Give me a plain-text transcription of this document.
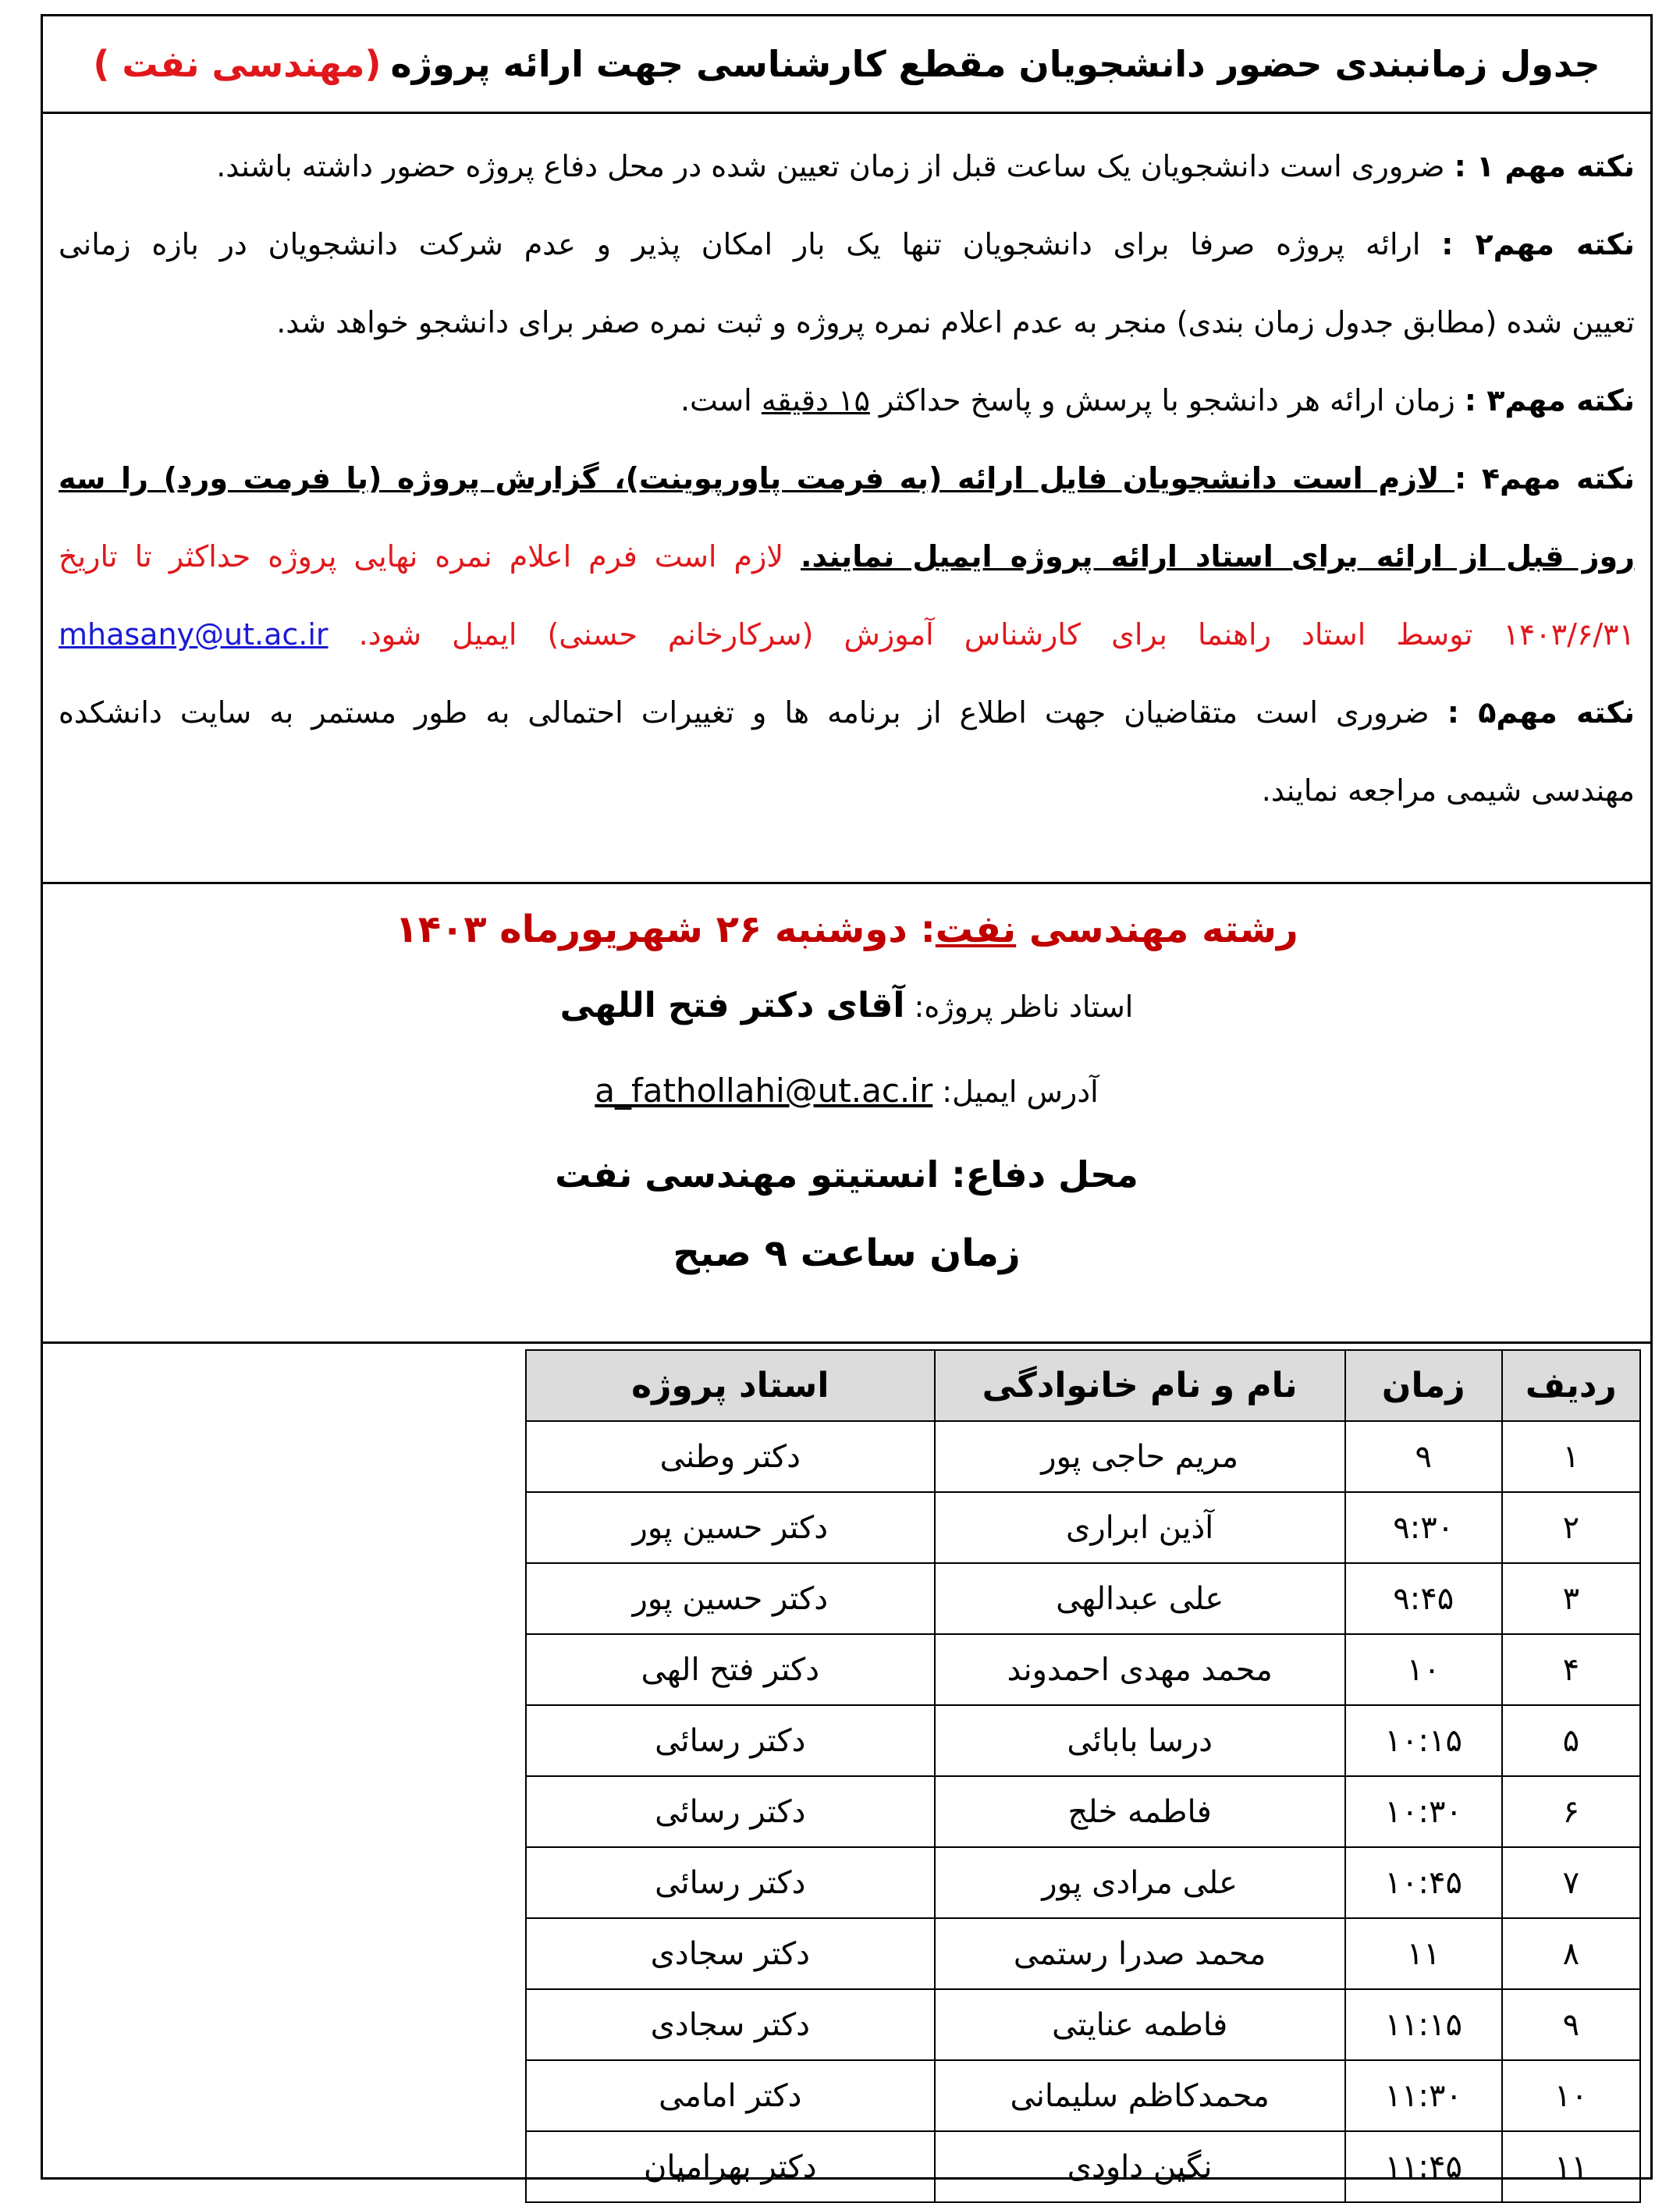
جدول زمانبندی حضور دانشجویان مقطع کارشناسی جهت ارائه پروژه
(مهندسی نفت )
نکته مهم ۱ : ضروری است دانشجویان یک ساعت قبل از زمان تعیین شده در محل دفاع پروژه حضور داشته باشند.
نکته مهم۲ : ارائه پروژه صرفا برای دانشجویان تنها یک بار امکان پذیر و عدم شرکت دانشجویان در بازه زمانی
تعیین شده (مطابق جدول زمان بندی) منجر به عدم اعلام نمره پروژه و ثبت نمره صفر برای دانشجو خواهد شد.
نکته مهم۳ : زمان ارائه هر دانشجو با پرسش و پاسخ حداکثر ۱۵ دقیقه است.
نکته مهم۴ : لازم است دانشجویان فایل ارائه (به فرمت پاورپوینت)، گزارش پروژه (با فرمت ورد) را سه
روز قبل از ارائه برای استاد ارائه پروژه ایمیل نمایند. لازم است فرم اعلام نمره نهایی پروژه حداکثر تا تاریخ
۱۴۰۳/۶/۳۱ توسط استاد راهنما برای کارشناس آموزش (سرکارخانم حسنی) ایمیل شود. mhasany@ut.ac.ir
نکته مهم۵ : ضروری است متقاضیان جهت اطلاع از برنامه ها و تغییرات احتمالی به طور مستمر به سایت دانشکده
مهندسی شیمی مراجعه نمایند.
رشته مهندسی نفت: دوشنبه ۲۶ شهریورماه ۱۴۰۳
استاد ناظر پروژه: آقای دکتر فتح اللهی
آدرس ایمیل: a_fathollahi@ut.ac.ir
محل دفاع: انستیتو مهندسی نفت
زمان ساعت ۹ صبح
ردیف	زمان	نام و نام خانوادگی	استاد پروژه
۱	۹	مریم حاجی پور	دکتر وطنی
۲	۹:۳۰	آذین ابراری	دکتر حسین پور
۳	۹:۴۵	علی عبدالهی	دکتر حسین پور
۴	۱۰	محمد مهدی احمدوند	دکتر فتح الهی
۵	۱۰:۱۵	درسا بابائی	دکتر رسائی
۶	۱۰:۳۰	فاطمه خلج	دکتر رسائی
۷	۱۰:۴۵	علی مرادی پور	دکتر رسائی
۸	۱۱	محمد صدرا رستمی	دکتر سجادی
۹	۱۱:۱۵	فاطمه عنایتی	دکتر سجادی
۱۰	۱۱:۳۰	محمدکاظم سلیمانی	دکتر امامی
۱۱	۱۱:۴۵	نگین داودی	دکتر بهرامیان
